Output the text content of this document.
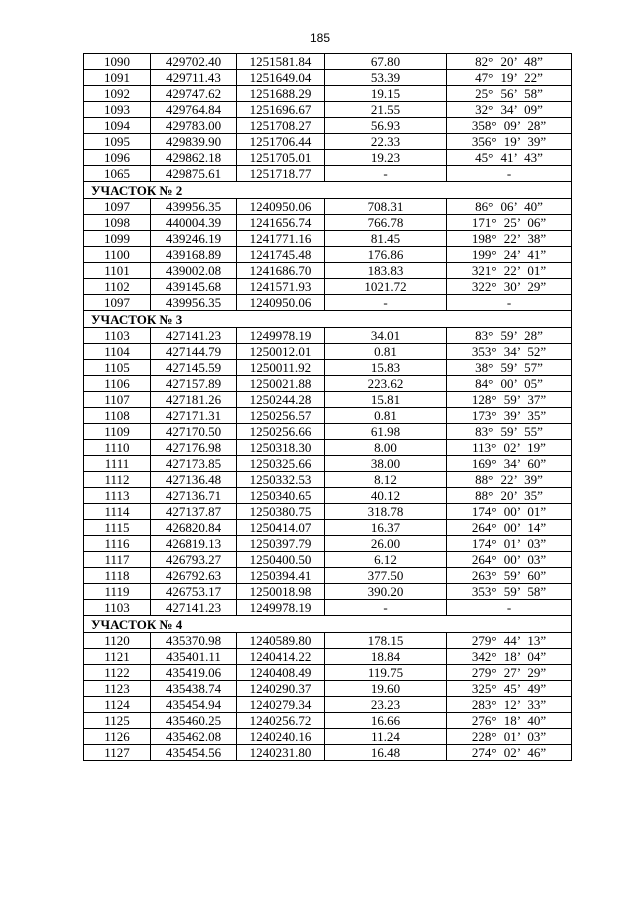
185
1090	429702.40	1251581.84	67.80	82° 20’ 48”
1091	429711.43	1251649.04	53.39	47° 19’ 22”
1092	429747.62	1251688.29	19.15	25° 56’ 58”
1093	429764.84	1251696.67	21.55	32° 34’ 09”
1094	429783.00	1251708.27	56.93	358° 09’ 28”
1095	429839.90	1251706.44	22.33	356° 19’ 39”
1096	429862.18	1251705.01	19.23	45° 41’ 43”
1065	429875.61	1251718.77	-	-
УЧАСТОК № 2				
1097	439956.35	1240950.06	708.31	86° 06’ 40”
1098	440004.39	1241656.74	766.78	171° 25’ 06”
1099	439246.19	1241771.16	81.45	198° 22’ 38”
1100	439168.89	1241745.48	176.86	199° 24’ 41”
1101	439002.08	1241686.70	183.83	321° 22’ 01”
1102	439145.68	1241571.93	1021.72	322° 30’ 29”
1097	439956.35	1240950.06	-	-
УЧАСТОК № 3				
1103	427141.23	1249978.19	34.01	83° 59’ 28”
1104	427144.79	1250012.01	0.81	353° 34’ 52”
1105	427145.59	1250011.92	15.83	38° 59’ 57”
1106	427157.89	1250021.88	223.62	84° 00’ 05”
1107	427181.26	1250244.28	15.81	128° 59’ 37”
1108	427171.31	1250256.57	0.81	173° 39’ 35”
1109	427170.50	1250256.66	61.98	83° 59’ 55”
1110	427176.98	1250318.30	8.00	113° 02’ 19”
1111	427173.85	1250325.66	38.00	169° 34’ 60”
1112	427136.48	1250332.53	8.12	88° 22’ 39”
1113	427136.71	1250340.65	40.12	88° 20’ 35”
1114	427137.87	1250380.75	318.78	174° 00’ 01”
1115	426820.84	1250414.07	16.37	264° 00’ 14”
1116	426819.13	1250397.79	26.00	174° 01’ 03”
1117	426793.27	1250400.50	6.12	264° 00’ 03”
1118	426792.63	1250394.41	377.50	263° 59’ 60”
1119	426753.17	1250018.98	390.20	353° 59’ 58”
1103	427141.23	1249978.19	-	-
УЧАСТОК № 4				
1120	435370.98	1240589.80	178.15	279° 44’ 13”
1121	435401.11	1240414.22	18.84	342° 18’ 04”
1122	435419.06	1240408.49	119.75	279° 27’ 29”
1123	435438.74	1240290.37	19.60	325° 45’ 49”
1124	435454.94	1240279.34	23.23	283° 12’ 33”
1125	435460.25	1240256.72	16.66	276° 18’ 40”
1126	435462.08	1240240.16	11.24	228° 01’ 03”
1127	435454.56	1240231.80	16.48	274° 02’ 46”
